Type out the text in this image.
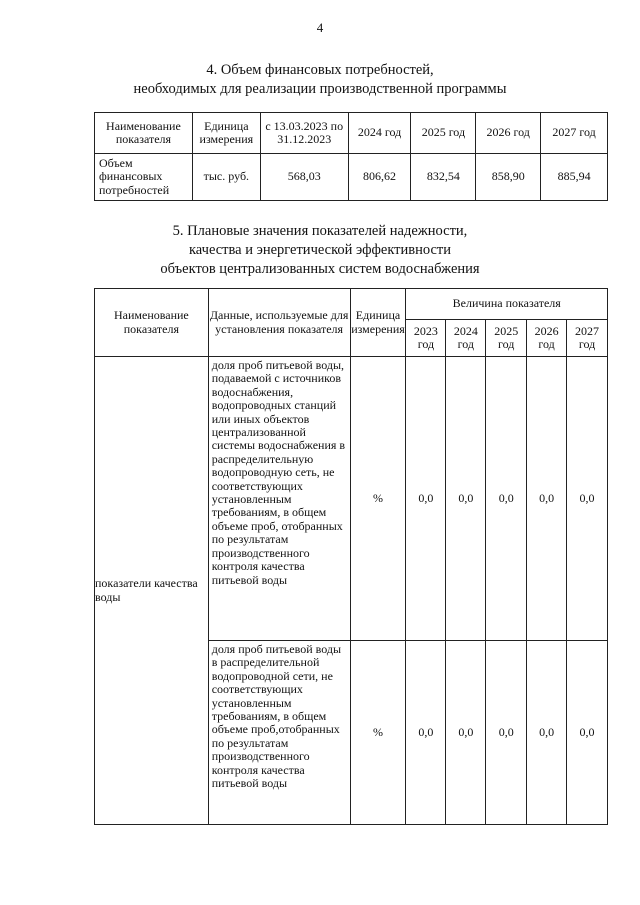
4
4. Объем финансовых потребностей,
необходимых для реализации производственной программы
Наименование показателя	Единица измерения	с 13.03.2023 по 31.12.2023	2024 год	2025 год	2026 год	2027 год
Объем финансовых потребностей	тыс. руб.	568,03	806,62	832,54	858,90	885,94
5. Плановые значения показателей надежности,
качества и энергетической эффективности
объектов централизованных систем водоснабжения
Наименование показателя	Данные, используемые для установления показателя	Единица измерения	Величина показателя				
			2023 год	2024 год	2025 год	2026 год	2027 год
показатели качества воды	доля проб питьевой воды, подаваемой с источников водоснабжения, водопроводных станций или иных объектов централизованной системы водоснабжения в распределительную водопроводную сеть, не соответствующих установленным требованиям, в общем объеме проб, отобранных по результатам производственного контроля качества питьевой воды	%	0,0	0,0	0,0	0,0	0,0
	доля проб питьевой воды в распределительной водопроводной сети, не соответствующих установленным требованиям, в общем объеме проб,отобранных по результатам производственного контроля качества питьевой воды	%	0,0	0,0	0,0	0,0	0,0
